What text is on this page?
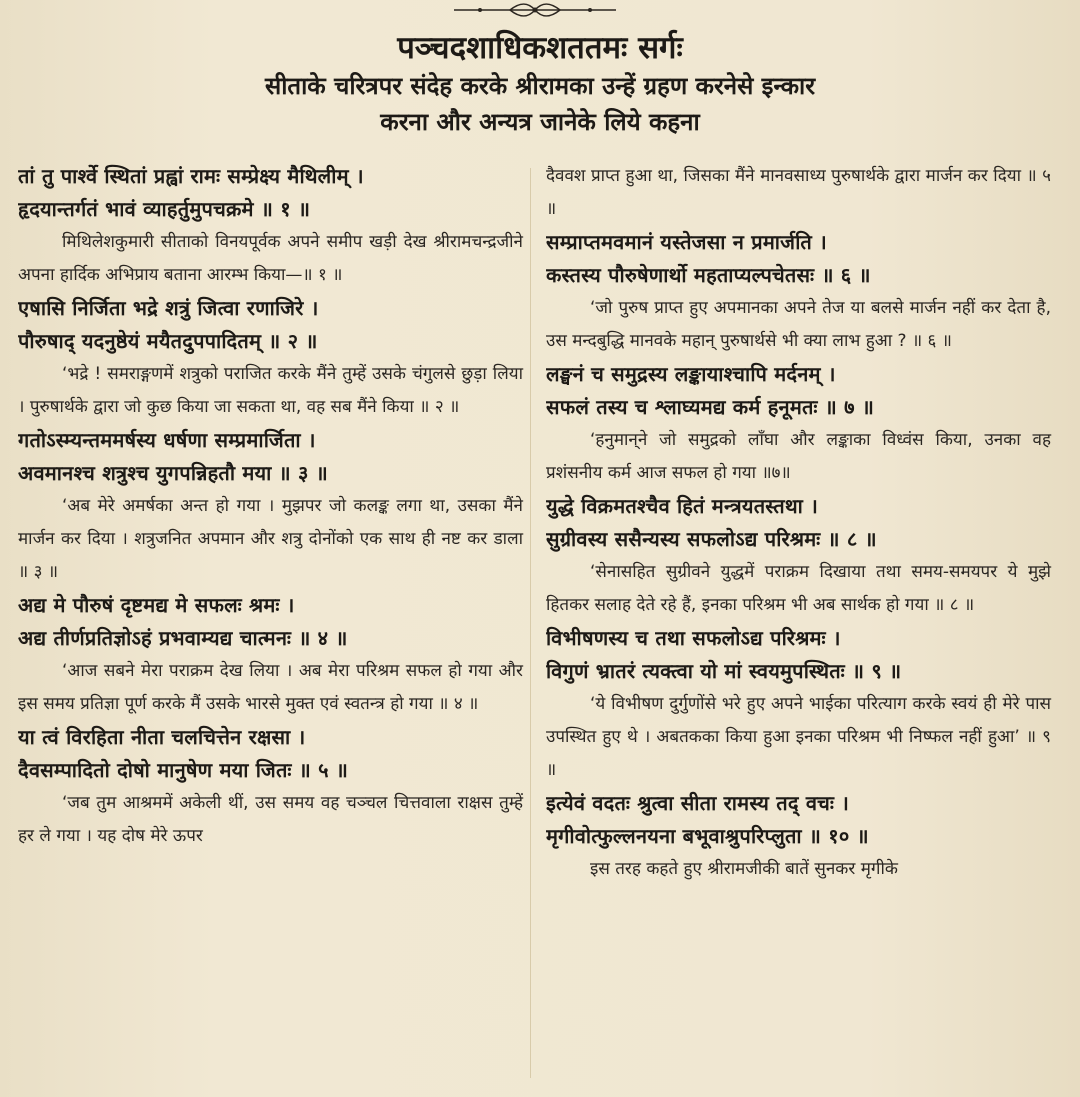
पञ्चदशाधिकशततमः सर्गः

सीताके चरित्रपर संदेह करके श्रीरामका उन्हें ग्रहण करनेसे इन्कार

करना और अन्यत्र जानेके लिये कहना

तां तु पार्श्वे स्थितां प्रह्वां रामः सम्प्रेक्ष्य मैथिलीम् ।

हृदयान्तर्गतं भावं व्याहर्तुमुपचक्रमे ॥ १ ॥

मिथिलेशकुमारी सीताको विनयपूर्वक अपने समीप खड़ी देख श्रीरामचन्द्रजीने अपना हार्दिक अभिप्राय बताना आरम्भ किया—॥ १ ॥

एषासि निर्जिता भद्रे शत्रुं जित्वा रणाजिरे ।

पौरुषाद् यदनुष्ठेयं मयैतदुपपादितम् ॥ २ ॥

‘भद्रे ! समराङ्गणमें शत्रुको पराजित करके मैंने तुम्हें उसके चंगुलसे छुड़ा लिया । पुरुषार्थके द्वारा जो कुछ किया जा सकता था, वह सब मैंने किया ॥ २ ॥

गतोऽस्म्यन्तममर्षस्य धर्षणा सम्प्रमार्जिता ।

अवमानश्च शत्रुश्च युगपन्निहतौ मया ॥ ३ ॥

‘अब मेरे अमर्षका अन्त हो गया । मुझपर जो कलङ्क लगा था, उसका मैंने मार्जन कर दिया । शत्रुजनित अपमान और शत्रु दोनोंको एक साथ ही नष्ट कर डाला ॥ ३ ॥

अद्य मे पौरुषं दृष्टमद्य मे सफलः श्रमः ।

अद्य तीर्णप्रतिज्ञोऽहं प्रभवाम्यद्य चात्मनः ॥ ४ ॥

‘आज सबने मेरा पराक्रम देख लिया । अब मेरा परिश्रम सफल हो गया और इस समय प्रतिज्ञा पूर्ण करके मैं उसके भारसे मुक्त एवं स्वतन्त्र हो गया ॥ ४ ॥

या त्वं विरहिता नीता चलचित्तेन रक्षसा ।

दैवसम्पादितो दोषो मानुषेण मया जितः ॥ ५ ॥

‘जब तुम आश्रममें अकेली थीं, उस समय वह चञ्चल चित्तवाला राक्षस तुम्हें हर ले गया । यह दोष मेरे ऊपर

दैववश प्राप्त हुआ था, जिसका मैंने मानवसाध्य पुरुषार्थके द्वारा मार्जन कर दिया ॥ ५ ॥

सम्प्राप्तमवमानं यस्तेजसा न प्रमार्जति ।

कस्तस्य पौरुषेणार्थो महताप्यल्पचेतसः ॥ ६ ॥

‘जो पुरुष प्राप्त हुए अपमानका अपने तेज या बलसे मार्जन नहीं कर देता है, उस मन्दबुद्धि मानवके महान् पुरुषार्थसे भी क्या लाभ हुआ ? ॥ ६ ॥

लङ्घनं च समुद्रस्य लङ्कायाश्चापि मर्दनम् ।

सफलं तस्य च श्लाघ्यमद्य कर्म हनूमतः ॥ ७ ॥

‘हनुमान्‌ने जो समुद्रको लाँघा और लङ्काका विध्वंस किया, उनका वह प्रशंसनीय कर्म आज सफल हो गया ॥७॥

युद्धे विक्रमतश्चैव हितं मन्त्रयतस्तथा ।

सुग्रीवस्य ससैन्यस्य सफलोऽद्य परिश्रमः ॥ ८ ॥

‘सेनासहित सुग्रीवने युद्धमें पराक्रम दिखाया तथा समय-समयपर ये मुझे हितकर सलाह देते रहे हैं, इनका परिश्रम भी अब सार्थक हो गया ॥ ८ ॥

विभीषणस्य च तथा सफलोऽद्य परिश्रमः ।

विगुणं भ्रातरं त्यक्त्वा यो मां स्वयमुपस्थितः ॥ ९ ॥

‘ये विभीषण दुर्गुणोंसे भरे हुए अपने भाईका परित्याग करके स्वयं ही मेरे पास उपस्थित हुए थे । अबतकका किया हुआ इनका परिश्रम भी निष्फल नहीं हुआ’ ॥ ९ ॥

इत्येवं वदतः श्रुत्वा सीता रामस्य तद् वचः ।

मृगीवोत्फुल्लनयना बभूवाश्रुपरिप्लुता ॥ १० ॥

इस तरह कहते हुए श्रीरामजीकी बातें सुनकर मृगीके
